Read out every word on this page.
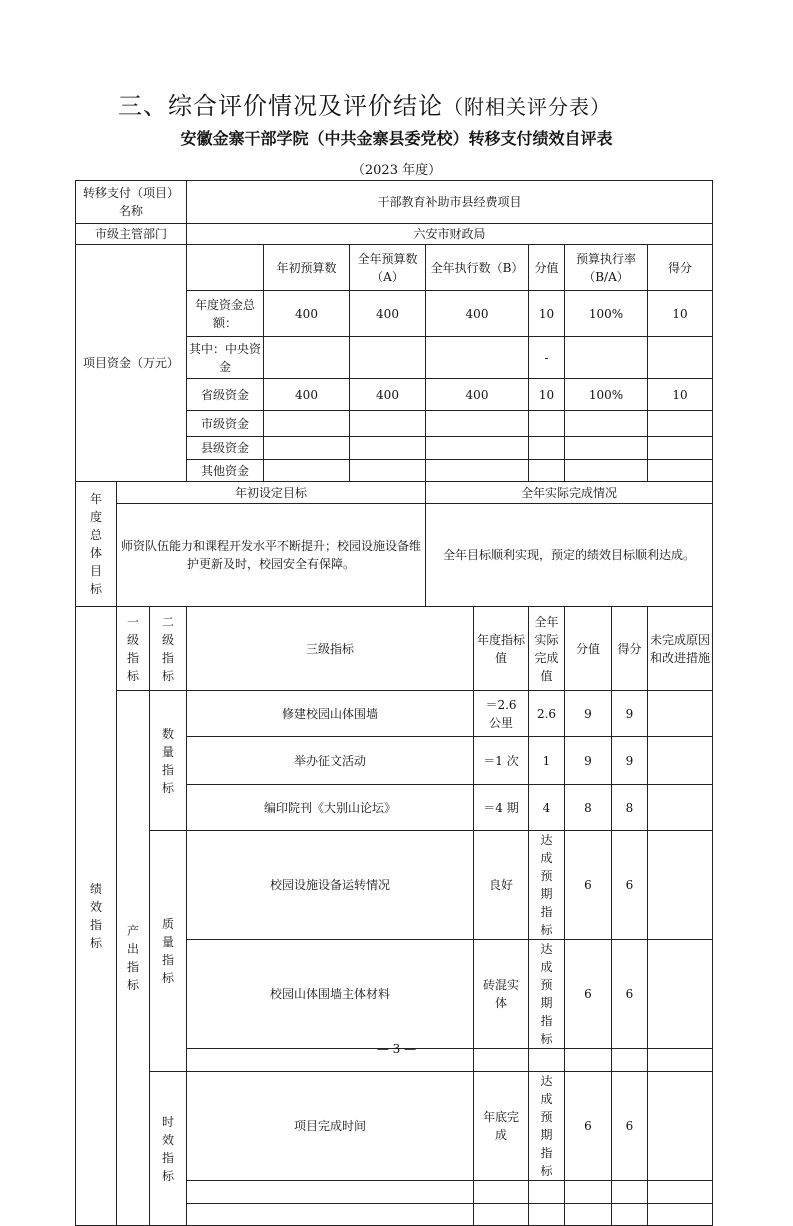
三、综合评价情况及评价结论（附相关评分表）
安徽金寨干部学院（中共金寨县委党校）转移支付绩效自评表
（2023 年度）
转移支付（项目）名称			干部教育补助市县经费项目								
市级主管部门			六安市财政局								
项目资金（万元）				年初预算数	全年预算数（A）	全年执行数（B）		分值	预算执行率（B/A）		得分
			年度资金总额：	400	400	400		10	100%		10
			其中：中央资金					-			
			省级资金	400	400	400		10	100%		10
			市级资金								
			县级资金								
			其他资金								
年度总体目标	年初设定目标					全年实际完成情况					
	师资队伍能力和课程开发水平不断提升；校园设施设备维护更新及时，校园安全有保障。					全年目标顺利实现，预定的绩效目标顺利达成。					
绩效指标	一级指标	二级指标	三级指标				年度指标值	全年实际完成值	分值	得分	未完成原因和改进措施
	产出指标	数量指标	修建校园山体围墙				＝2.6公里	2.6	9	9	
			举办征文活动				＝1 次	1	9	9	
			编印院刊《大别山论坛》				＝4 期	4	8	8	
		质量指标	校园设施设备运转情况				良好	达成预期指标	6	6	
			校园山体围墙主体材料				砖混实体	达成预期指标	6	6	

		时效指标	项目完成时间				年底完成	达成预期指标	6	6	

— 3 —
